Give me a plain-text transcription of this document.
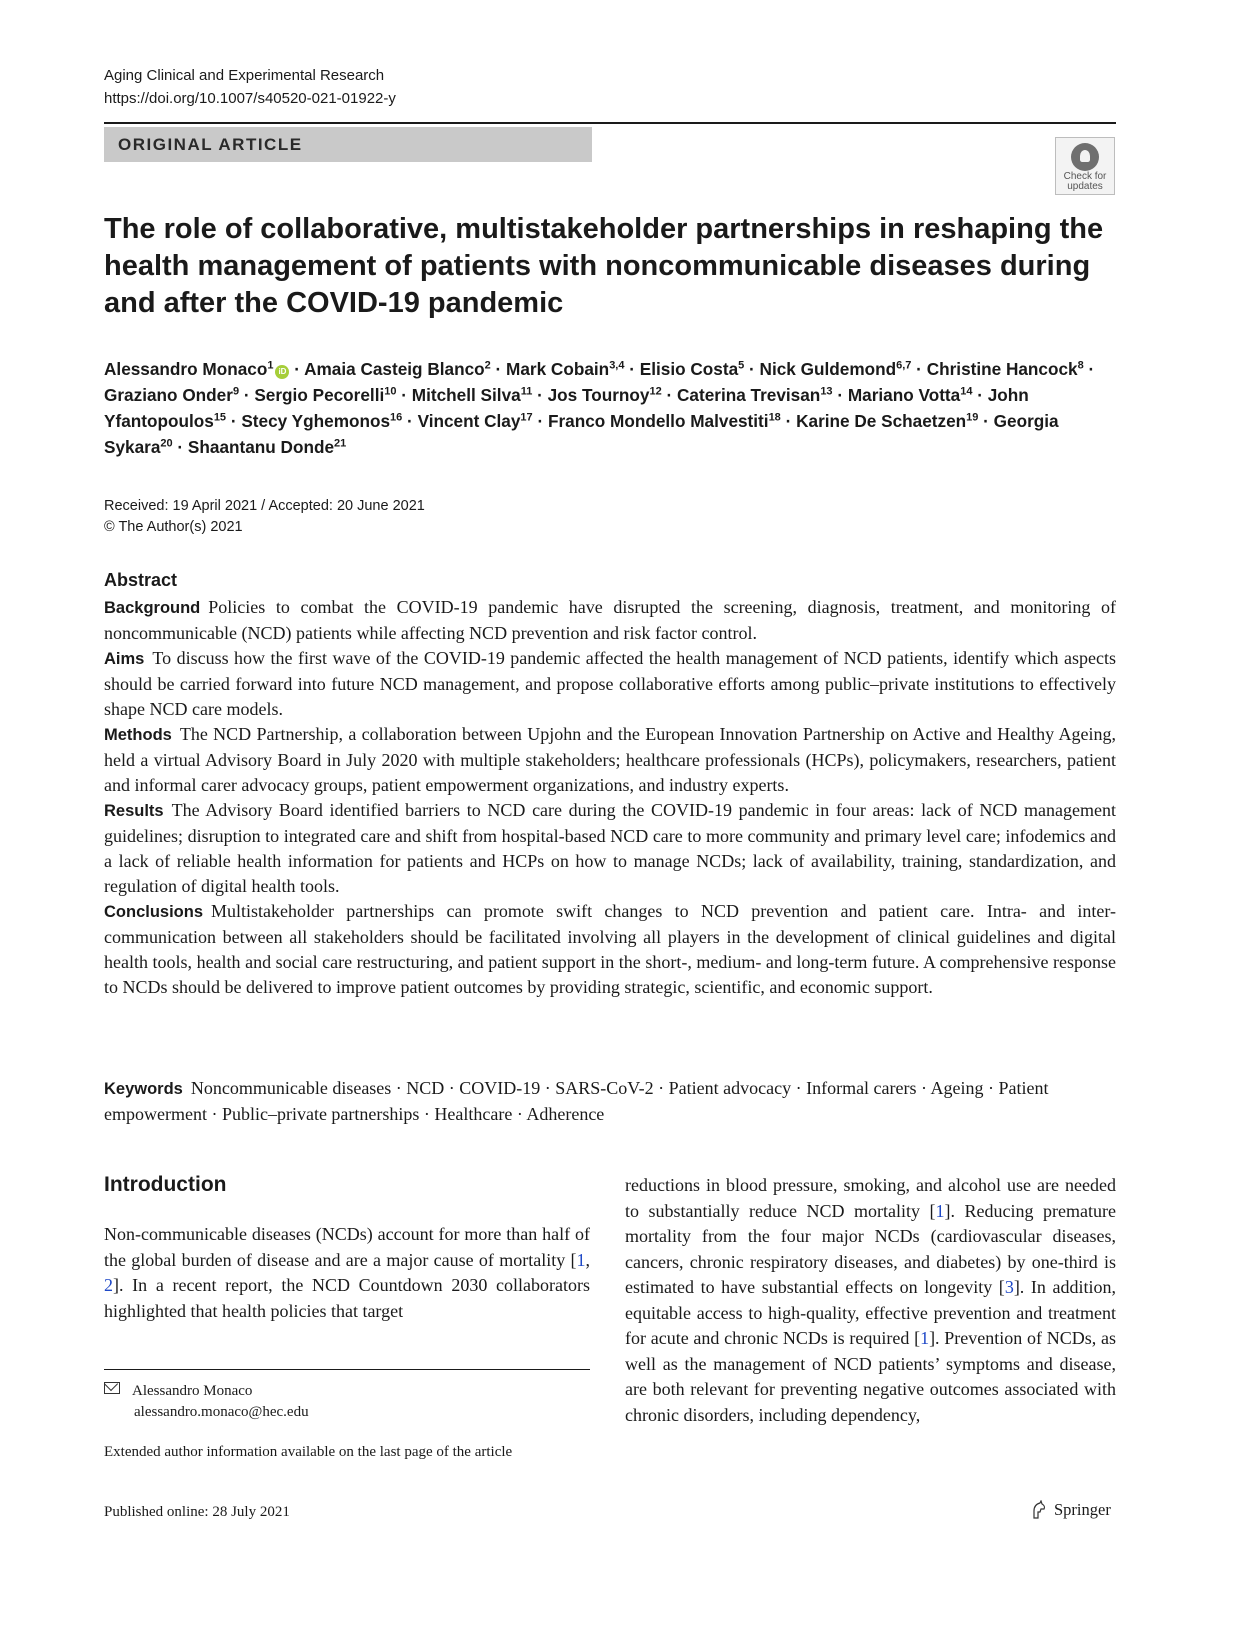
Aging Clinical and Experimental Research
https://doi.org/10.1007/s40520-021-01922-y
ORIGINAL ARTICLE
Check for
updates
The role of collaborative, multistakeholder partnerships in reshaping the health management of patients with noncommunicable diseases during and after the COVID-19 pandemic
Alessandro Monaco$^1$iD · Amaia Casteig Blanco$^2$ · Mark Cobain$^{3,4}$ · Elisio Costa$^5$ · Nick Guldemond$^{6,7}$ · Christine Hancock$^8$ · Graziano Onder$^9$ · Sergio Pecorelli$^{10}$ · Mitchell Silva$^{11}$ · Jos Tournoy$^{12}$ · Caterina Trevisan$^{13}$ · Mariano Votta$^{14}$ · John Yfantopoulos$^{15}$ · Stecy Yghemonos$^{16}$ · Vincent Clay$^{17}$ · Franco Mondello Malvestiti$^{18}$ · Karine De Schaetzen$^{19}$ · Georgia Sykara$^{20}$ · Shaantanu Donde$^{21}$
Received: 19 April 2021 / Accepted: 20 June 2021
© The Author(s) 2021
Abstract

Background Policies to combat the COVID-19 pandemic have disrupted the screening, diagnosis, treatment, and monitoring of noncommunicable (NCD) patients while affecting NCD prevention and risk factor control.

Aims To discuss how the first wave of the COVID-19 pandemic affected the health management of NCD patients, identify which aspects should be carried forward into future NCD management, and propose collaborative efforts among public–private institutions to effectively shape NCD care models.

Methods The NCD Partnership, a collaboration between Upjohn and the European Innovation Partnership on Active and Healthy Ageing, held a virtual Advisory Board in July 2020 with multiple stakeholders; healthcare professionals (HCPs), policymakers, researchers, patient and informal carer advocacy groups, patient empowerment organizations, and industry experts.

Results The Advisory Board identified barriers to NCD care during the COVID-19 pandemic in four areas: lack of NCD management guidelines; disruption to integrated care and shift from hospital-based NCD care to more community and primary level care; infodemics and a lack of reliable health information for patients and HCPs on how to manage NCDs; lack of availability, training, standardization, and regulation of digital health tools.

Conclusions Multistakeholder partnerships can promote swift changes to NCD prevention and patient care. Intra- and inter-communication between all stakeholders should be facilitated involving all players in the development of clinical guidelines and digital health tools, health and social care restructuring, and patient support in the short-, medium- and long-term future. A comprehensive response to NCDs should be delivered to improve patient outcomes by providing strategic, scientific, and economic support.

Keywords Noncommunicable diseases · NCD · COVID-19 · SARS-CoV-2 · Patient advocacy · Informal carers · Ageing · Patient empowerment · Public–private partnerships · Healthcare · Adherence

Introduction

Non-communicable diseases (NCDs) account for more than half of the global burden of disease and are a major cause of mortality [1, 2]. In a recent report, the NCD Countdown 2030 collaborators highlighted that health policies that target

reductions in blood pressure, smoking, and alcohol use are needed to substantially reduce NCD mortality [1]. Reducing premature mortality from the four major NCDs (cardiovascular diseases, cancers, chronic respiratory diseases, and diabetes) by one-third is estimated to have substantial effects on longevity [3]. In addition, equitable access to high-quality, effective prevention and treatment for acute and chronic NCDs is required [1]. Prevention of NCDs, as well as the management of NCD patients’ symptoms and disease, are both relevant for preventing negative outcomes associated with chronic disorders, including dependency,

Alessandro Monaco
alessandro.monaco@hec.edu
Extended author information available on the last page of the article
Published online: 28 July 2021	Springer
